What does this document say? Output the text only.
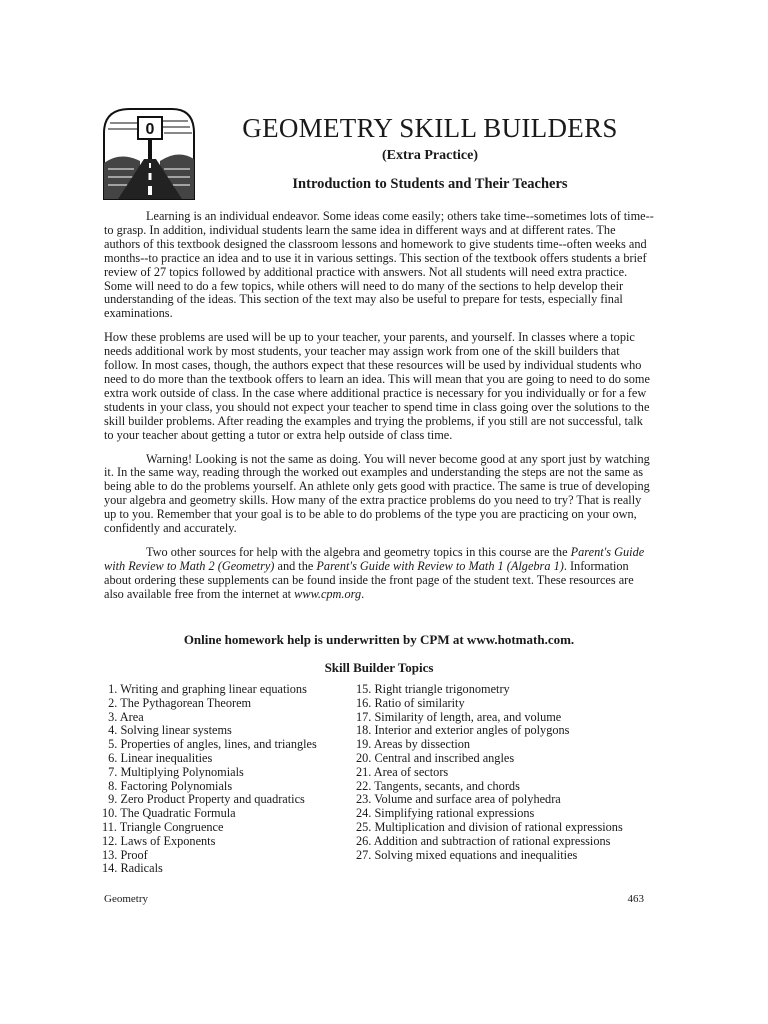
0	GEOMETRY SKILL BUILDERS
(Extra Practice)
Introduction to Students and Their Teachers

Learning is an individual endeavor. Some ideas come easily; others take time--sometimes lots of time--to grasp. In addition, individual students learn the same idea in different ways and at different rates. The authors of this textbook designed the classroom lessons and homework to give students time--often weeks and months--to practice an idea and to use it in various settings. This section of the textbook offers students a brief review of 27 topics followed by additional practice with answers. Not all students will need extra practice. Some will need to do a few topics, while others will need to do many of the sections to help develop their understanding of the ideas. This section of the text may also be useful to prepare for tests, especially final examinations.

How these problems are used will be up to your teacher, your parents, and yourself. In classes where a topic needs additional work by most students, your teacher may assign work from one of the skill builders that follow. In most cases, though, the authors expect that these resources will be used by individual students who need to do more than the textbook offers to learn an idea. This will mean that you are going to need to do some extra work outside of class. In the case where additional practice is necessary for you individually or for a few students in your class, you should not expect your teacher to spend time in class going over the solutions to the skill builder problems. After reading the examples and trying the problems, if you still are not successful, talk to your teacher about getting a tutor or extra help outside of class time.

Warning! Looking is not the same as doing. You will never become good at any sport just by watching it. In the same way, reading through the worked out examples and understanding the steps are not the same as being able to do the problems yourself. An athlete only gets good with practice. The same is true of developing your algebra and geometry skills. How many of the extra practice problems do you need to try? That is really up to you. Remember that your goal is to be able to do problems of the type you are practicing on your own, confidently and accurately.

Two other sources for help with the algebra and geometry topics in this course are the Parent's Guide with Review to Math 2 (Geometry) and the Parent's Guide with Review to Math 1 (Algebra 1). Information about ordering these supplements can be found inside the front page of the student text. These resources are also available free from the internet at www.cpm.org.

Online homework help is underwritten by CPM at www.hotmath.com.
Skill Builder Topics
1. Writing and graphing linear equations
2. The Pythagorean Theorem
3. Area
4. Solving linear systems
5. Properties of angles, lines, and triangles
6. Linear inequalities
7. Multiplying Polynomials
8. Factoring Polynomials
9. Zero Product Property and quadratics
10. The Quadratic Formula
11. Triangle Congruence
12. Laws of Exponents
13. Proof
14. Radicals
15. Right triangle trigonometry
16. Ratio of similarity
17. Similarity of length, area, and volume
18. Interior and exterior angles of polygons
19. Areas by dissection
20. Central and inscribed angles
21. Area of sectors
22. Tangents, secants, and chords
23. Volume and surface area of polyhedra
24. Simplifying rational expressions
25. Multiplication and division of rational expressions
26. Addition and subtraction of rational expressions
27. Solving mixed equations and inequalities
Geometry	463
